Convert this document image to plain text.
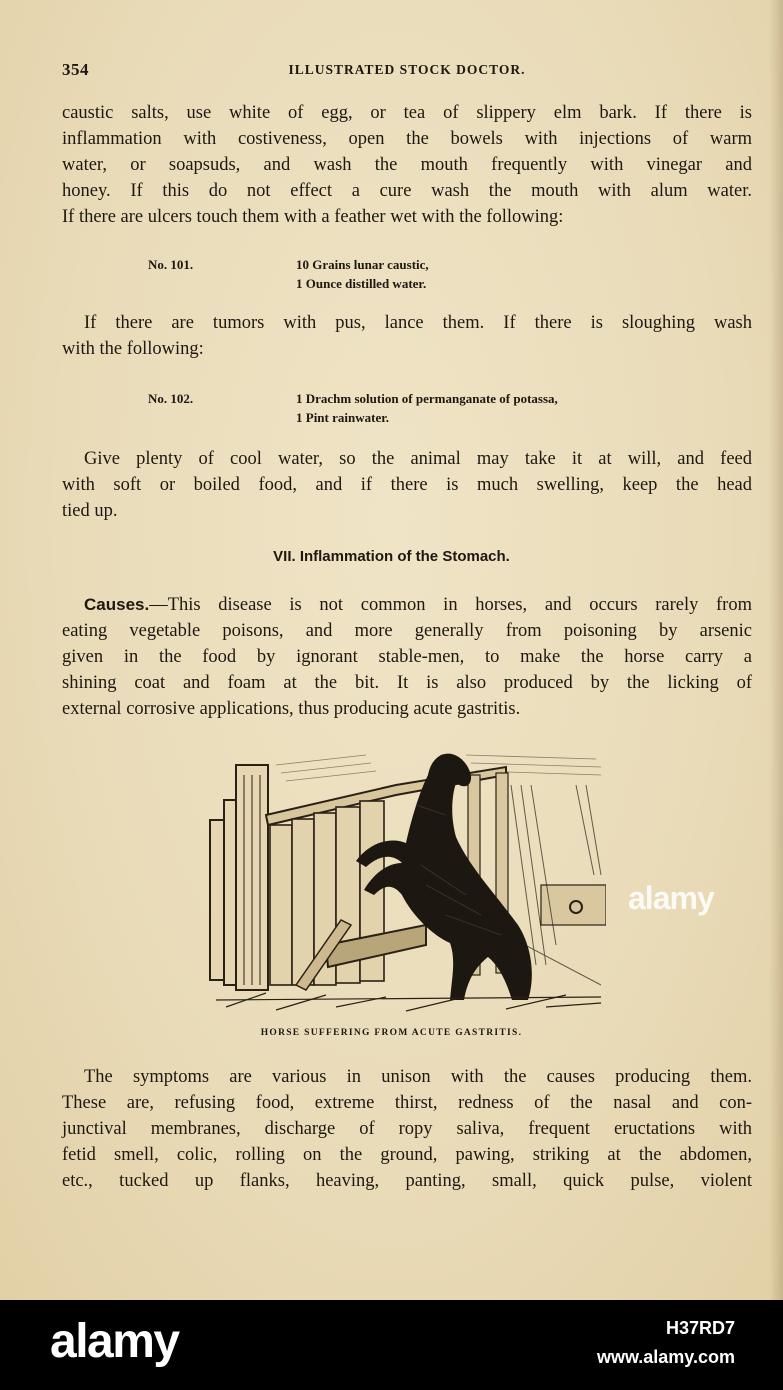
354	ILLUSTRATED STOCK DOCTOR.
caustic salts, use white of egg, or tea of slippery elm bark. If there is
inflammation with costiveness, open the bowels with injections of warm
water, or soapsuds, and wash the mouth frequently with vinegar and
honey. If this do not effect a cure wash the mouth with alum water.
If there are ulcers touch them with a feather wet with the following:
No. 101.	10 Grains lunar caustic,
1 Ounce distilled water.
If there are tumors with pus, lance them. If there is sloughing wash
with the following:
No. 102.	1 Drachm solution of permanganate of potassa,
1 Pint rainwater.
Give plenty of cool water, so the animal may take it at will, and feed
with soft or boiled food, and if there is much swelling, keep the head
tied up.
VII. Inflammation of the Stomach.
Causes.—This disease is not common in horses, and occurs rarely from
eating vegetable poisons, and more generally from poisoning by arsenic
given in the food by ignorant stable-men, to make the horse carry a
shining coat and foam at the bit. It is also produced by the licking of
external corrosive applications, thus producing acute gastritis.
HORSE SUFFERING FROM ACUTE GASTRITIS.
The symptoms are various in unison with the causes producing them.
These are, refusing food, extreme thirst, redness of the nasal and con-
junctival membranes, discharge of ropy saliva, frequent eructations with
fetid smell, colic, rolling on the ground, pawing, striking at the abdomen,
etc., tucked up flanks, heaving, panting, small, quick pulse, violent
alamy
alamy	H37RD7
www.alamy.com
